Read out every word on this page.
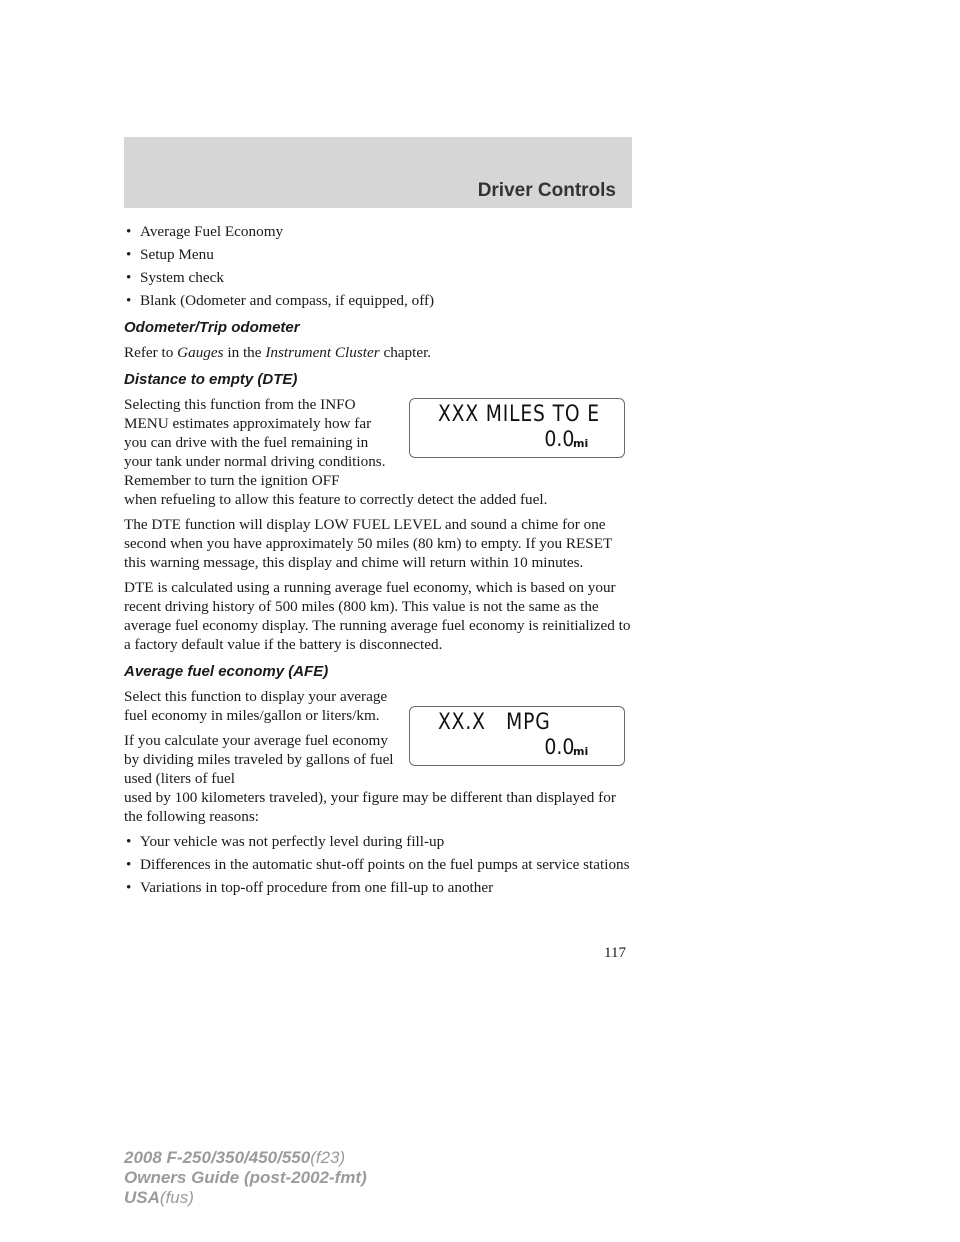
Driver Controls
• Average Fuel Economy
• Setup Menu
• System check
• Blank (Odometer and compass, if equipped, off)
Odometer/Trip odometer

Refer to Gauges in the Instrument Cluster chapter.

Distance to empty (DTE)

Selecting this function from the INFO MENU estimates approximately how far you can drive with the fuel remaining in your tank under normal driving conditions. Remember to turn the ignition OFF

when refueling to allow this feature to correctly detect the added fuel.

The DTE function will display LOW FUEL LEVEL and sound a chime for one second when you have approximately 50 miles (80 km) to empty. If you RESET this warning message, this display and chime will return within 10 minutes.

DTE is calculated using a running average fuel economy, which is based on your recent driving history of 500 miles (800 km). This value is not the same as the average fuel economy display. The running average fuel economy is reinitialized to a factory default value if the battery is disconnected.

Average fuel economy (AFE)

Select this function to display your average fuel economy in miles/gallon or liters/km.

If you calculate your average fuel economy by dividing miles traveled by gallons of fuel used (liters of fuel

used by 100 kilometers traveled), your figure may be different than displayed for the following reasons:

• Your vehicle was not perfectly level during fill-up
• Differences in the automatic shut-off points on the fuel pumps at service stations
• Variations in top-off procedure from one fill-up to another
XXX MILES TO E
0.0 mi
XX.X   MPG
0.0 mi
117
2008 F-250/350/450/550(f23)
Owners Guide (post-2002-fmt)
USA(fus)
